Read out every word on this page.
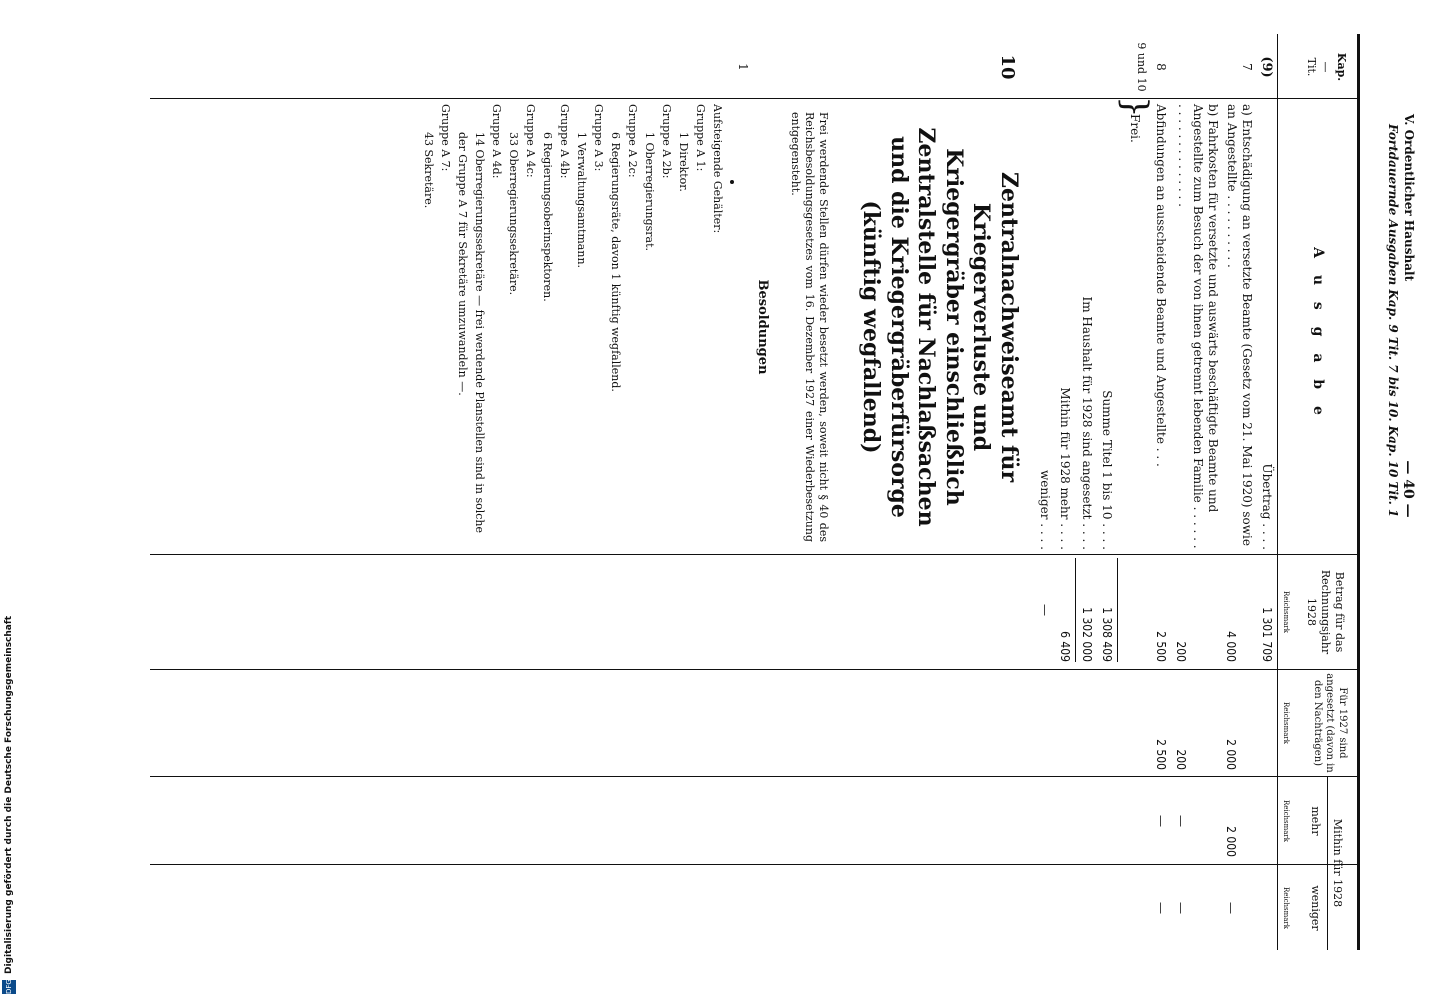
V. Ordentlicher Haushalt
— 40 —
Fortdauernde Ausgaben Kap. 9 Tit. 7 bis 10. Kap. 10 Tit. 1
Kap.
—
Tit.
A u s g a b e
Betrag für das Rechnungsjahr 1928
Reichsmark
Für 1927 sind angesetzt (davon in den Nachträgen)
Reichsmark
Mithin für 1928
mehr
Reichsmark
weniger
Reichsmark
(9)
Übertrag . . . .
1 301 709
7
a) Entschädigung an versetzte Beamte (Gesetz vom 21. Mai 1920) sowie an Angestellte . . . . . . . . . .
4 000
2 000
2 000
—
b) Fahrkosten für versetzte und auswärts beschäftigte Beamte und Angestellte zum Besuch der von ihnen getrennt lebenden Familie . . . . . . . . . . . . . . . . . . . .
200
200
—
—
8
Abfindungen an ausscheidende Beamte und Angestellte . . .
2 500
2 500
—
—
9 und 10
}
Frei.
Summe Titel 1 bis 10 . . . .
1 308 409
Im Haushalt für 1928 sind angesetzt . . . .
1 302 000
Mithin für 1928 mehr . . . .
6 409
weniger . . . .
—
10
Zentralnachweiseamt für Kriegerverluste und Kriegergräber einschließlich Zentralstelle für Nachlaßsachen und die Kriegergräberfürsorge (künftig wegfallend)
Frei werdende Stellen dürfen wieder besetzt werden, soweit nicht § 40 des Reichsbesoldungsgesetzes vom 16. Dezember 1927 einer Wiederbesetzung entgegensteht.
Besoldungen
1
Aufsteigende Gehälter:
Gruppe A 1:
1 Direktor.
Gruppe A 2b:
1 Oberregierungsrat.
Gruppe A 2c:
6 Regierungsräte, davon 1 künftig wegfallend.
Gruppe A 3:
1 Verwaltungsamtmann.
Gruppe A 4b:
6 Regierungsoberinspektoren.
Gruppe A 4c:
33 Oberregierungssekretäre.
Gruppe A 4d:
14 Oberregierungssekretäre — frei werdende Planstellen sind in solche der Gruppe A 7 für Sekretäre umzuwandeln —.
Gruppe A 7:
43 Sekretäre.
DFG
Digitalisierung gefördert durch die Deutsche Forschungsgemeinschaft
